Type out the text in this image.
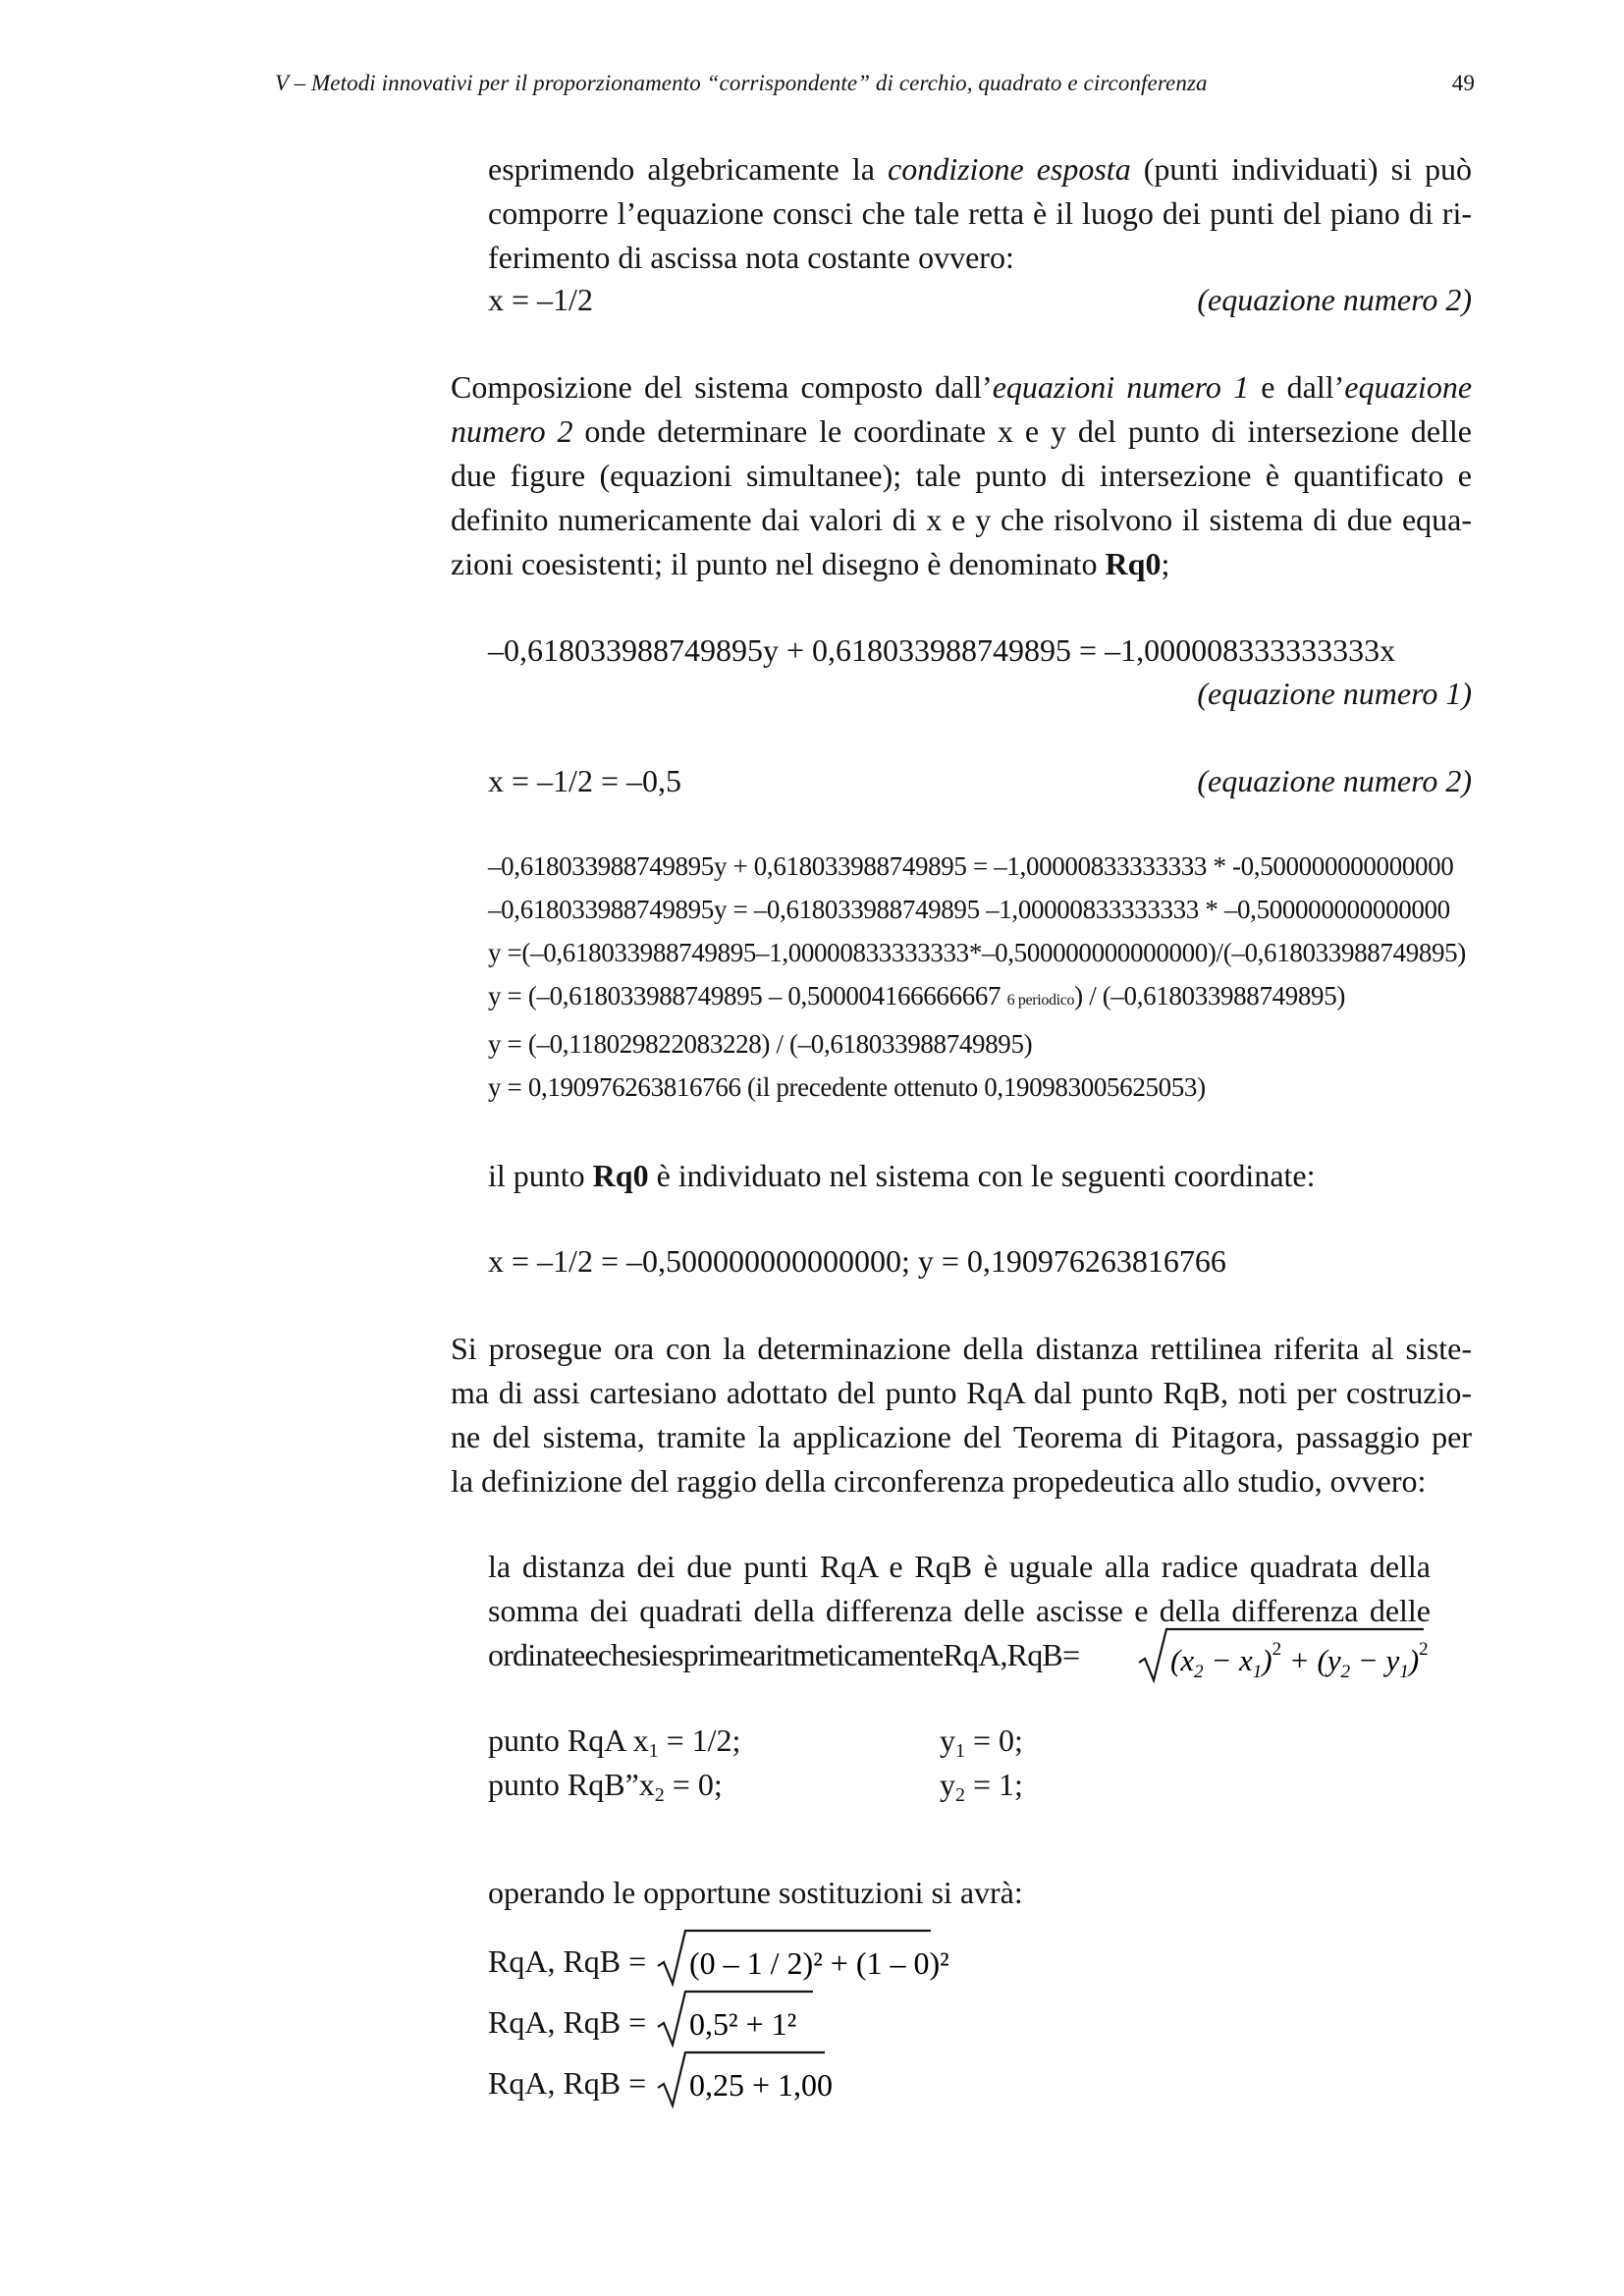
V – Metodi innovativi per il proporzionamento “corrispondente” di cerchio, quadrato e circonferenza	49
esprimendo algebricamente la condizione esposta (punti individuati) si può
comporre l’equazione consci che tale retta è il luogo dei punti del piano di ri-
ferimento di ascissa nota costante ovvero:
x = –1/2	(equazione numero 2)
Composizione del sistema composto dall’equazioni numero 1 e dall’equazione
numero 2 onde determinare le coordinate x e y del punto di intersezione delle
due figure (equazioni simultanee); tale punto di intersezione è quantificato e
definito numericamente dai valori di x e y che risolvono il sistema di due equa-
zioni coesistenti; il punto nel disegno è denominato Rq0;
–0,618033988749895y + 0,618033988749895 = –1,000008333333333x
(equazione numero 1)
x = –1/2 = –0,5	(equazione numero 2)
–0,618033988749895y + 0,618033988749895 = –1,00000833333333 * -0,500000000000000
–0,618033988749895y = –0,618033988749895 –1,00000833333333 * –0,500000000000000
y =(–0,618033988749895–1,00000833333333*–0,500000000000000)/(–0,618033988749895)
y = (–0,618033988749895 – 0,500004166666667 6 periodico) / (–0,618033988749895)
y = (–0,118029822083228) / (–0,618033988749895)
y = 0,190976263816766 (il precedente ottenuto 0,190983005625053)
il punto Rq0 è individuato nel sistema con le seguenti coordinate:
x = –1/2 = –0,500000000000000; y = 0,190976263816766
Si prosegue ora con la determinazione della distanza rettilinea riferita al siste-
ma di assi cartesiano adottato del punto RqA dal punto RqB, noti per costruzio-
ne del sistema, tramite la applicazione del Teorema di Pitagora, passaggio per
la definizione del raggio della circonferenza propedeutica allo studio, ovvero:
la distanza dei due punti RqA e RqB è uguale alla radice quadrata della
somma dei quadrati della differenza delle ascisse e della differenza delle
ordinateechesiesprimearitmeticamenteRqA,RqB=	$(x_2 - x_1)^2 + (y_2 - y_1)^2$
punto RqA $x_1 = 1/2$;	$y_1 = 0$;
punto $RqB”x_2 = 0$;	$y_2 = 1$;
operando le opportune sostituzioni si avrà:
RqA, RqB = (0 – 1 / 2)² + (1 – 0)²
RqA, RqB = 0,5² + 1²
RqA, RqB = 0,25 + 1,00
